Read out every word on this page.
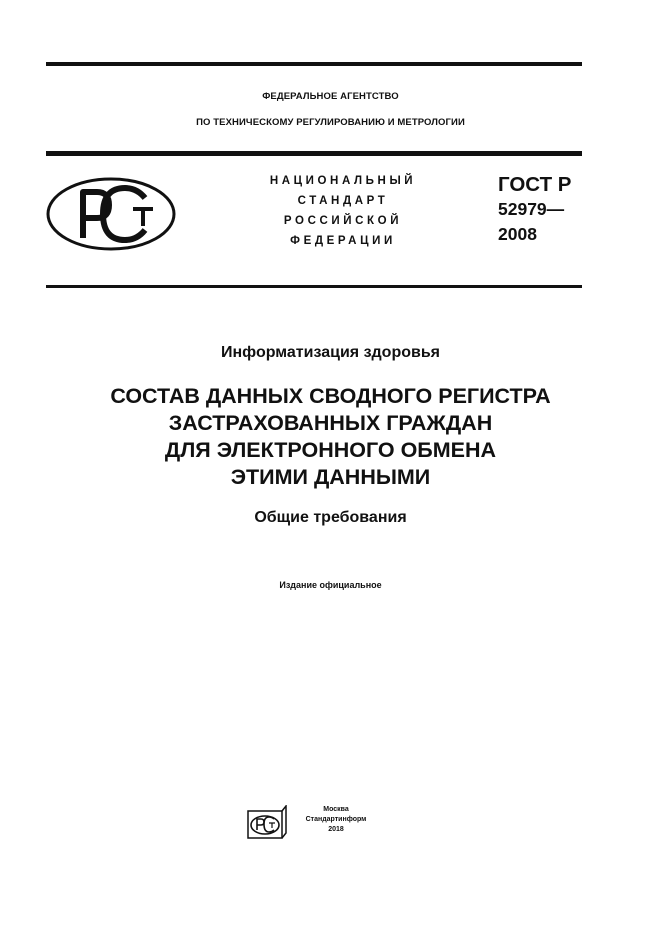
ФЕДЕРАЛЬНОЕ АГЕНТСТВО
ПО ТЕХНИЧЕСКОМУ РЕГУЛИРОВАНИЮ И МЕТРОЛОГИИ
НАЦИОНАЛЬНЫЙ
СТАНДАРТ
РОССИЙСКОЙ
ФЕДЕРАЦИИ
ГОСТ Р
52979—
2008
Информатизация здоровья
СОСТАВ ДАННЫХ СВОДНОГО РЕГИСТРА
ЗАСТРАХОВАННЫХ ГРАЖДАН
ДЛЯ ЭЛЕКТРОННОГО ОБМЕНА
ЭТИМИ ДАННЫМИ
Общие требования
Издание официальное
Москва
Стандартинформ
2018
